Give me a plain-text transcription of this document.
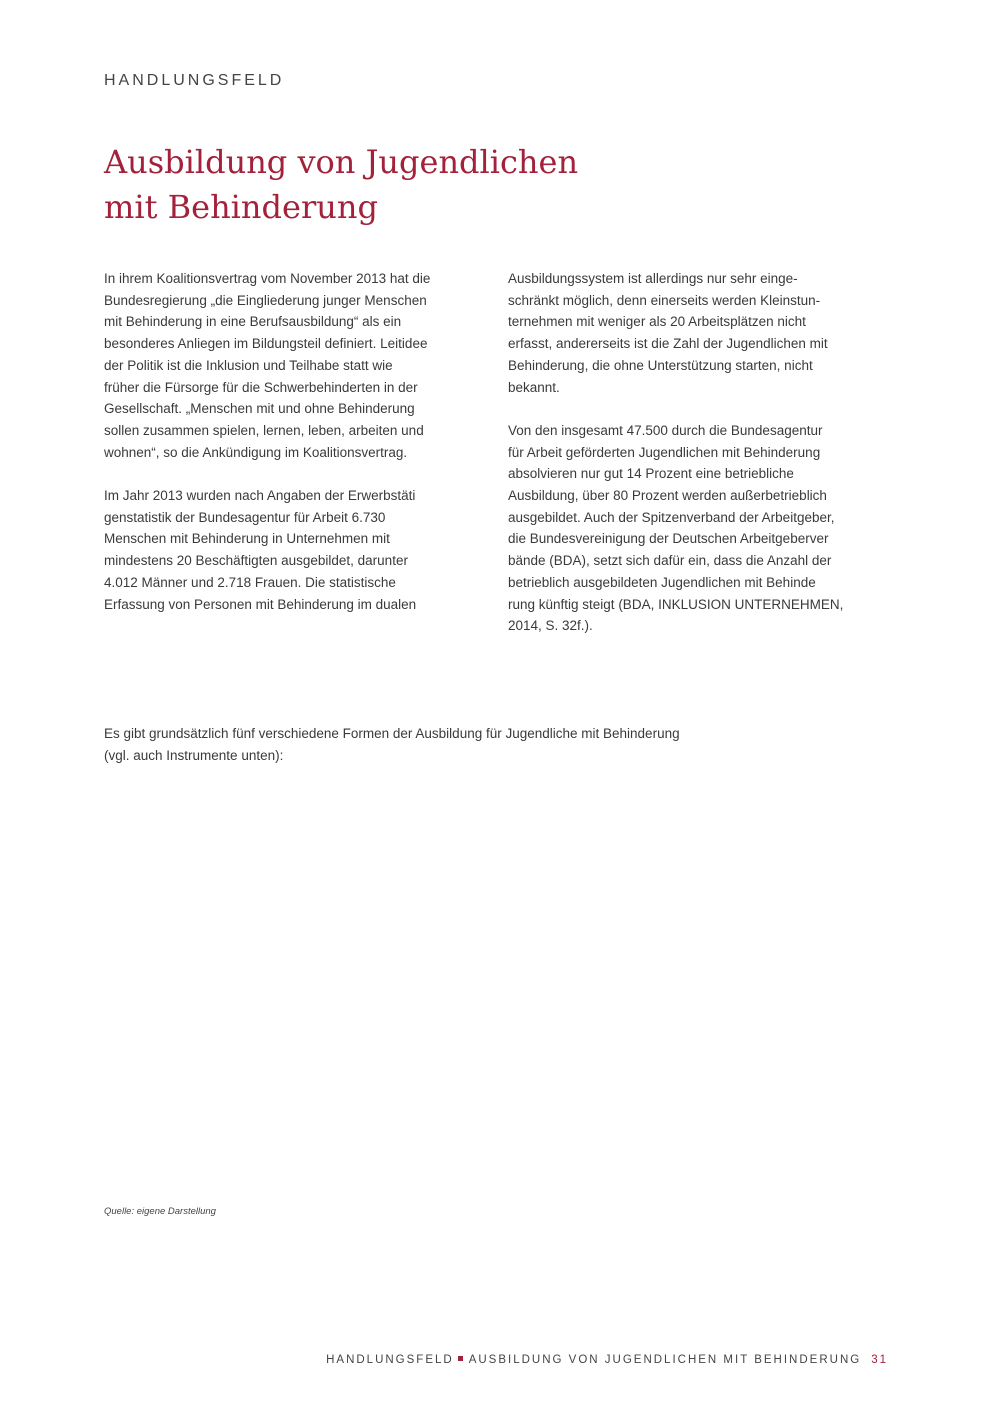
HANDLUNGSFELD
Ausbildung von Jugendlichen
mit Behinderung
In ihrem Koalitionsvertrag vom November 2013 hat die
Bundesregierung „die Eingliederung junger Menschen
mit Behinderung in eine Berufsausbildung“ als ein
besonderes Anliegen im Bildungsteil definiert. Leitidee
der Politik ist die Inklusion und Teilhabe statt wie
früher die Fürsorge für die Schwerbehinderten in der
Gesellschaft. „Menschen mit und ohne Behinderung
sollen zusammen spielen, lernen, leben, arbeiten und
wohnen“, so die Ankündigung im Koalitionsvertrag.
Im Jahr 2013 wurden nach Angaben der Erwerbstäti
genstatistik der Bundesagentur für Arbeit 6.730
Menschen mit Behinderung in Unternehmen mit
mindestens 20 Beschäftigten ausgebildet, darunter
4.012 Männer und 2.718 Frauen. Die statistische
Erfassung von Personen mit Behinderung im dualen
Ausbildungssystem ist allerdings nur sehr einge-
schränkt möglich, denn einerseits werden Kleinstun-
ternehmen mit weniger als 20 Arbeitsplätzen nicht
erfasst, andererseits ist die Zahl der Jugendlichen mit
Behinderung, die ohne Unterstützung starten, nicht
bekannt.
Von den insgesamt 47.500 durch die Bundesagentur
für Arbeit geförderten Jugendlichen mit Behinderung
absolvieren nur gut 14 Prozent eine betriebliche
Ausbildung, über 80 Prozent werden außerbetrieblich
ausgebildet. Auch der Spitzenverband der Arbeitgeber,
die Bundesvereinigung der Deutschen Arbeitgeberver
bände (BDA), setzt sich dafür ein, dass die Anzahl der
betrieblich ausgebildeten Jugendlichen mit Behinde
rung künftig steigt (BDA, INKLUSION UNTERNEHMEN,
2014, S. 32f.).
Es gibt grundsätzlich fünf verschiedene Formen der Ausbildung für Jugendliche mit Behinderung
(vgl. auch Instrumente unten):
Quelle: eigene Darstellung
HANDLUNGSFELD AUSBILDUNG VON JUGENDLICHEN MIT BEHINDERUNG 31
